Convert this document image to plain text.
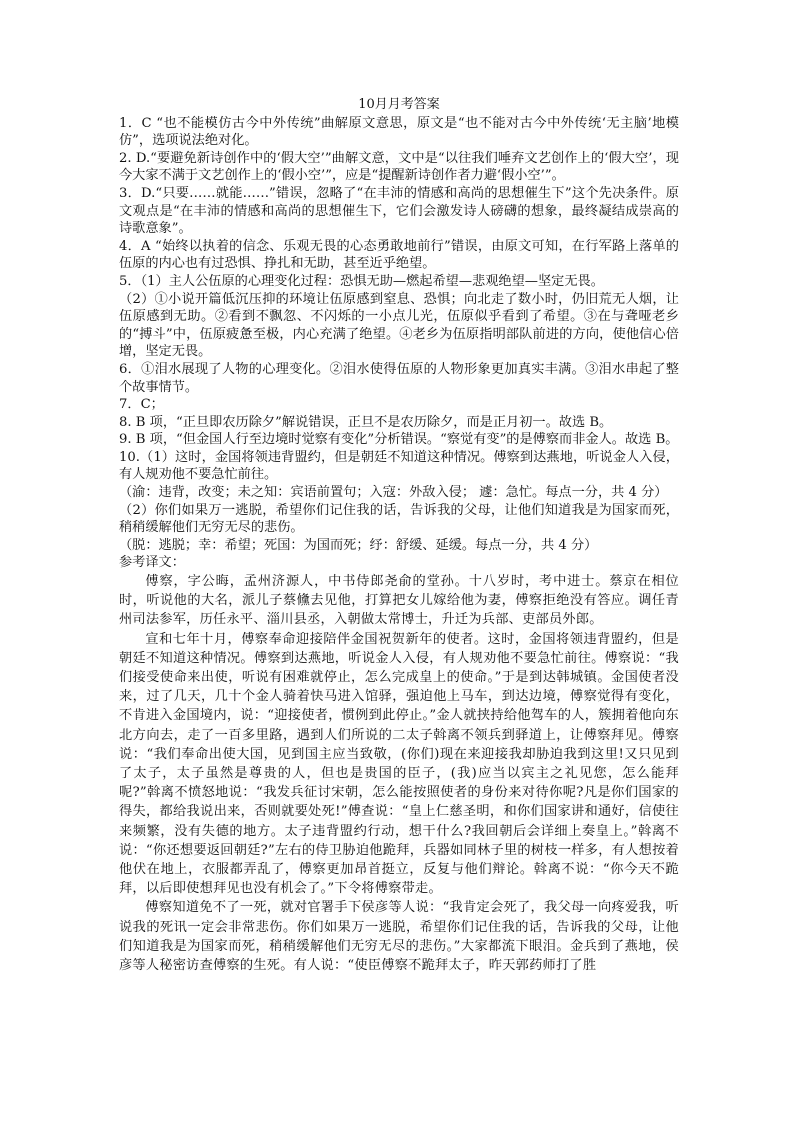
10月月考答案

1．C “也不能模仿古今中外传统”曲解原文意思，原文是“也不能对古今中外传统‘无主脑’地模仿”，选项说法绝对化。

2. D.“要避免新诗创作中的‘假大空’”曲解文意，文中是“以往我们唾弃文艺创作上的‘假大空’，现今大家不满于文艺创作上的‘假小空’”，应是“提醒新诗创作者力避‘假小空’”。

3．D.“只要……就能……”错误，忽略了“在丰沛的情感和高尚的思想催生下”这个先决条件。原文观点是“在丰沛的情感和高尚的思想催生下，它们会激发诗人磅礴的想象，最终凝结成崇高的诗歌意象”。

4．A “始终以执着的信念、乐观无畏的心态勇敢地前行”错误，由原文可知，在行军路上落单的伍原的内心也有过恐惧、挣扎和无助，甚至近乎绝望。

5．（1）主人公伍原的心理变化过程：恐惧无助—燃起希望—悲观绝望—坚定无畏。

（2）①小说开篇低沉压抑的环境让伍原感到窒息、恐惧；向北走了数小时，仍旧荒无人烟，让伍原感到无助。②看到不飘忽、不闪烁的一小点儿光，伍原似乎看到了希望。③在与聋哑老乡的“搏斗”中，伍原疲惫至极，内心充满了绝望。④老乡为伍原指明部队前进的方向，使他信心倍增，坚定无畏。

6．①泪水展现了人物的心理变化。②泪水使得伍原的人物形象更加真实丰满。③泪水串起了整个故事情节。

7．C；

8. B 项，“正旦即农历除夕”解说错误，正旦不是农历除夕，而是正月初一。故选 B。

9. B 项，“但金国人行至边境时觉察有变化”分析错误。“察觉有变”的是傅察而非金人。故选 B。

10.（1）这时，金国将领违背盟约，但是朝廷不知道这种情况。傅察到达燕地，听说金人入侵，有人规劝他不要急忙前往。

（渝：违背，改变；未之知：宾语前置句；入寇：外敌入侵； 遽：急忙。每点一分，共 4 分）

（2）你们如果万一逃脱，希望你们记住我的话，告诉我的父母，让他们知道我是为国家而死，稍稍缓解他们无穷无尽的悲伤。

（脱：逃脱；幸：希望；死国：为国而死；纾：舒缓、延缓。每点一分，共 4 分）

参考译文：

傅察，字公晦，孟州济源人，中书侍郎尧俞的堂孙。十八岁时，考中进士。蔡京在相位时，听说他的大名，派儿子蔡儵去见他，打算把女儿嫁给他为妻，傅察拒绝没有答应。调任青州司法参军，历任永平、淄川县丞，入朝做太常博士，升迁为兵部、吏部员外郎。

宣和七年十月，傅察奉命迎接陪伴金国祝贺新年的使者。这时，金国将领违背盟约，但是朝廷不知道这种情况。傅察到达燕地，听说金人入侵，有人规劝他不要急忙前往。傅察说：“我们接受使命来出使，听说有困难就停止，怎么完成皇上的使命。”于是到达韩城镇。金国使者没来，过了几天，几十个金人骑着快马进入馆驿，强迫他上马车，到达边境，傅察觉得有变化，不肯进入金国境内，说：“迎接使者，惯例到此停止。”金人就挟持给他驾车的人，簇拥着他向东北方向去，走了一百多里路，遇到人们所说的二太子斡离不领兵到驿道上，让傅察拜见。傅察说：“我们奉命出使大国，见到国主应当致敬，(你们)现在来迎接我却胁迫我到这里!又只见到了太子，太子虽然是尊贵的人，但也是贵国的臣子，(我)应当以宾主之礼见您，怎么能拜呢?”斡离不愤怒地说：“我发兵征讨宋朝，怎么能按照使者的身份来对待你呢?凡是你们国家的得失，都给我说出来，否则就要处死!”傅查说：“皇上仁慈圣明，和你们国家讲和通好，信使往来频繁，没有失德的地方。太子违背盟约行动，想干什么?我回朝后会详细上奏皇上。”斡离不说：“你还想要返回朝廷?”左右的侍卫胁迫他跪拜，兵器如同林子里的树枝一样多，有人想按着他伏在地上，衣服都弄乱了，傅察更加昂首挺立，反复与他们辩论。斡离不说：“你今天不跪拜，以后即使想拜见也没有机会了。”下令将傅察带走。

傅察知道免不了一死，就对官署手下侯彦等人说：“我肯定会死了，我父母一向疼爱我，听说我的死讯一定会非常悲伤。你们如果万一逃脱，希望你们记住我的话，告诉我的父母，让他们知道我是为国家而死，稍稍缓解他们无穷无尽的悲伤。”大家都流下眼泪。金兵到了燕地，侯彦等人秘密访查傅察的生死。有人说：“使臣傅察不跪拜太子，昨天郭药师打了胜
